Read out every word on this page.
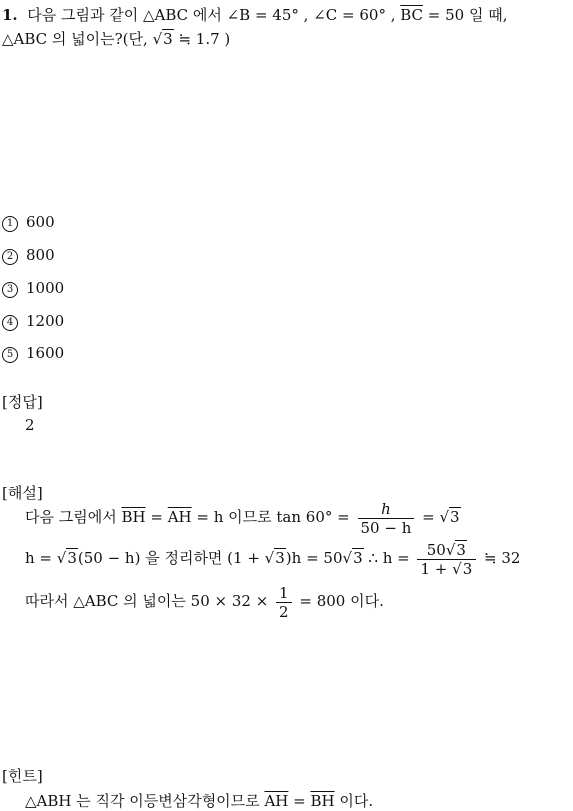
1. 다음 그림과 같이 △ABC 에서 ∠B = 45° , ∠C = 60° , $\overline{BC} = 50$ 일 때,
△ABC 의 넓이는?(단, √3 ≒ 1.7 )
1 600
2 800
3 1000
4 1200
5 1600
[정답]
2
[해설]
다음 그림에서 $\overline{BH} = \overline{AH} = h$ 이므로 $\tan 60^\circ = \frac{h}{50 - h} = √3$
h = √3(50 − h) 을 정리하면 (1 + √3)h = 50√3 ∴ $h = \frac{50√3}{1 + √3}$ ≒ 32
따라서 △ABC 의 넓이는 $50 \times 32 \times \frac{1}{2} = 800$ 이다.
[힌트]
△ABH 는 직각 이등변삼각형이므로 $\overline{AH} = \overline{BH}$ 이다.
